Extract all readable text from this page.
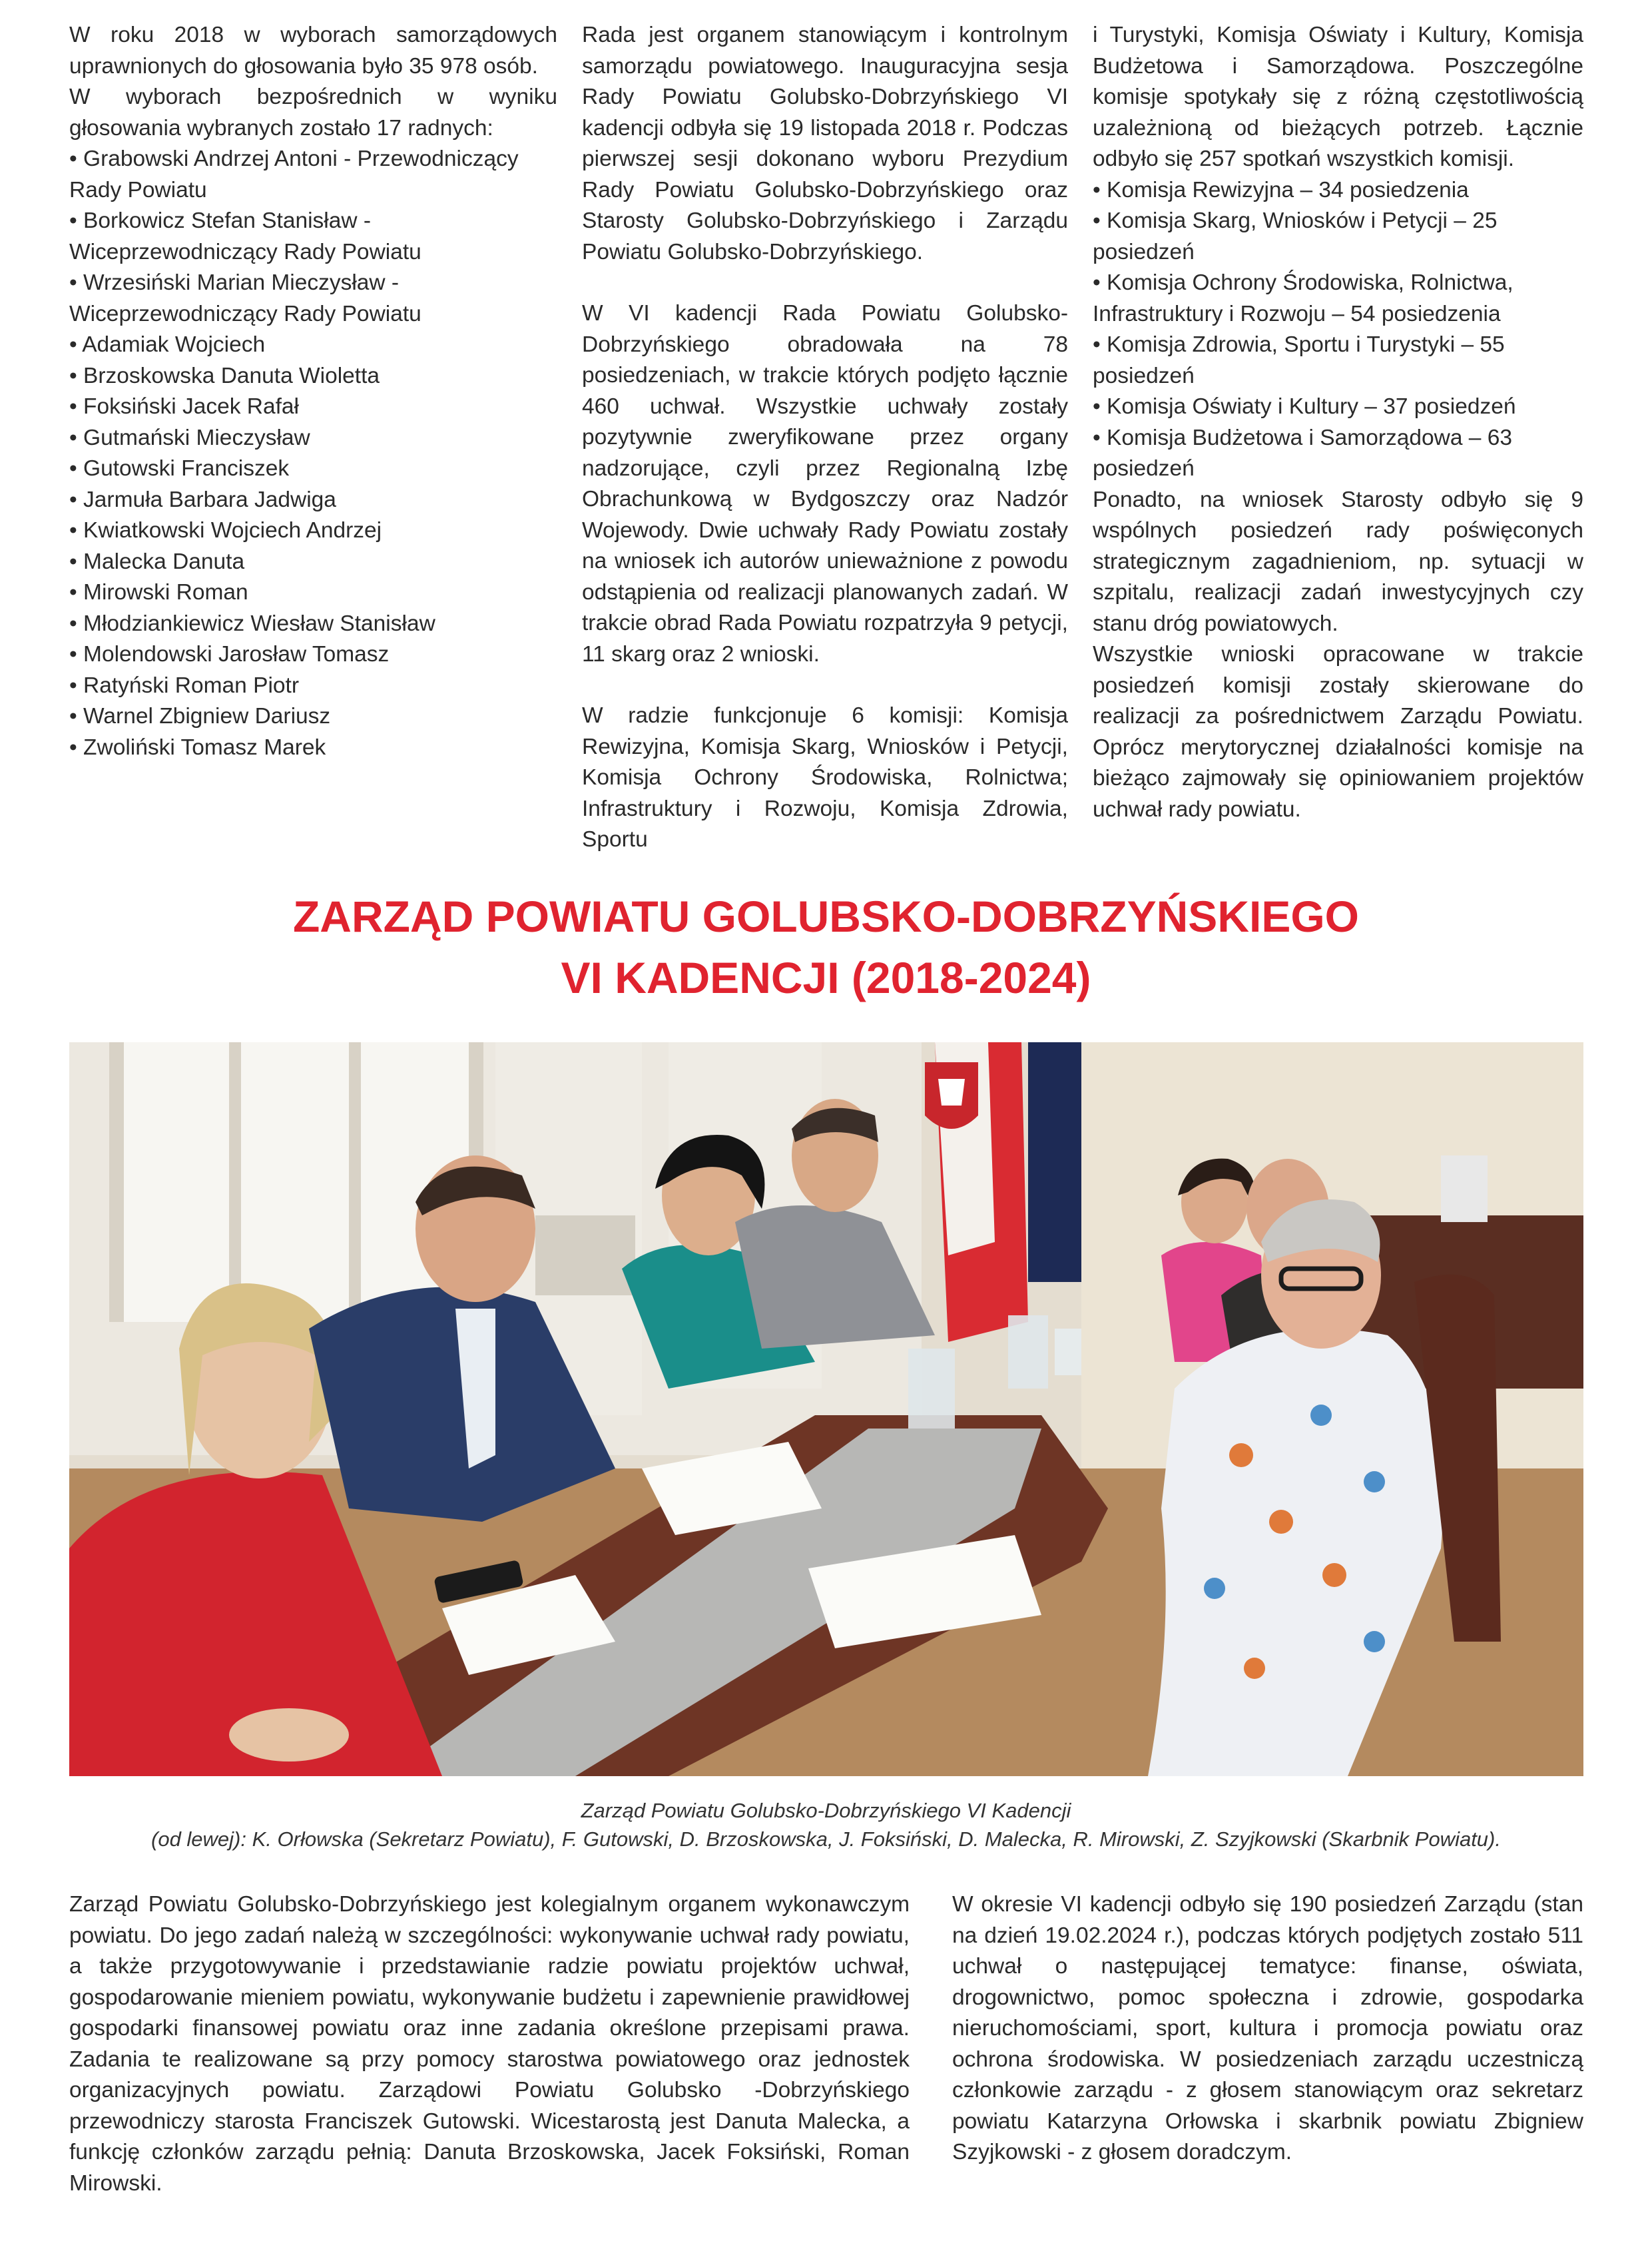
W roku 2018 w wyborach samorządowych uprawnionych do głosowania było 35 978 osób.

W wyborach bezpośrednich w wyniku głosowania wybranych zostało 17 radnych:

• Grabowski Andrzej Antoni - Przewodniczący Rady Powiatu
• Borkowicz Stefan Stanisław - Wiceprzewodniczący Rady Powiatu
• Wrzesiński Marian Mieczysław - Wiceprzewodniczący Rady Powiatu
• Adamiak Wojciech
• Brzoskowska Danuta Wioletta
• Foksiński Jacek Rafał
• Gutmański Mieczysław
• Gutowski Franciszek
• Jarmuła Barbara Jadwiga
• Kwiatkowski Wojciech Andrzej
• Malecka Danuta
• Mirowski Roman
• Młodziankiewicz Wiesław Stanisław
• Molendowski Jarosław Tomasz
• Ratyński Roman Piotr
• Warnel Zbigniew Dariusz
• Zwoliński Tomasz Marek

Rada jest organem stanowiącym i kontrolnym samorządu powiatowego. Inauguracyjna sesja Rady Powiatu Golubsko-Dobrzyńskiego VI kadencji odbyła się 19 listopada 2018 r. Podczas pierwszej sesji dokonano wyboru Prezydium Rady Powiatu Golubsko-Dobrzyńskiego oraz Starosty Golubsko-Dobrzyńskiego i Zarządu Powiatu Golubsko-Dobrzyńskiego.

W VI kadencji Rada Powiatu Golubsko-Dobrzyńskiego obradowała na 78 posiedzeniach, w trakcie których podjęto łącznie 460 uchwał. Wszystkie uchwały zostały pozytywnie zweryfikowane przez organy nadzorujące, czyli przez Regionalną Izbę Obrachunkową w Bydgoszczy oraz Nadzór Wojewody. Dwie uchwały Rady Powiatu zostały na wniosek ich autorów unieważnione z powodu odstąpienia od realizacji planowanych zadań. W trakcie obrad Rada Powiatu rozpatrzyła 9 petycji, 11 skarg oraz 2 wnioski.

W radzie funkcjonuje 6 komisji: Komisja Rewizyjna, Komisja Skarg, Wniosków i Petycji, Komisja Ochrony Środowiska, Rolnictwa; Infrastruktury i Rozwoju, Komisja Zdrowia, Sportu

i Turystyki, Komisja Oświaty i Kultury, Komisja Budżetowa i Samorządowa. Poszczególne komisje spotykały się z różną częstotliwością uzależnioną od bieżących potrzeb. Łącznie odbyło się 257 spotkań wszystkich komisji.

• Komisja Rewizyjna – 34 posiedzenia
• Komisja Skarg, Wniosków i Petycji – 25 posiedzeń
• Komisja Ochrony Środowiska, Rolnictwa, Infrastruktury i Rozwoju – 54 posiedzenia
• Komisja Zdrowia, Sportu i Turystyki – 55 posiedzeń
• Komisja Oświaty i Kultury – 37 posiedzeń
• Komisja Budżetowa i Samorządowa – 63 posiedzeń

Ponadto, na wniosek Starosty odbyło się 9 wspólnych posiedzeń rady poświęconych strategicznym zagadnieniom, np. sytuacji w szpitalu, realizacji zadań inwestycyjnych czy stanu dróg powiatowych.

Wszystkie wnioski opracowane w trakcie posiedzeń komisji zostały skierowane do realizacji za pośrednictwem Zarządu Powiatu. Oprócz merytorycznej działalności komisje na bieżąco zajmowały się opiniowaniem projektów uchwał rady powiatu.

ZARZĄD POWIATU GOLUBSKO-DOBRZYŃSKIEGO
VI KADENCJI (2018-2024)
Zarząd Powiatu Golubsko-Dobrzyńskiego VI Kadencji
(od lewej): K. Orłowska (Sekretarz Powiatu), F. Gutowski, D. Brzoskowska, J. Foksiński, D. Malecka, R. Mirowski, Z. Szyjkowski (Skarbnik Powiatu).

Zarząd Powiatu Golubsko-Dobrzyńskiego jest kolegialnym organem wykonawczym powiatu. Do jego zadań należą w szczególności: wykonywanie uchwał rady powiatu, a także przygotowywanie i przedstawianie radzie powiatu projektów uchwał, gospodarowanie mieniem powiatu, wykonywanie budżetu i zapewnienie prawidłowej gospodarki finansowej powiatu oraz inne zadania określone przepisami prawa. Zadania te realizowane są przy pomocy starostwa powiatowego oraz jednostek organizacyjnych powiatu. Zarządowi Powiatu Golubsko -Dobrzyńskiego przewodniczy starosta Franciszek Gutowski. Wicestarostą jest Danuta Malecka, a funkcję członków zarządu pełnią: Danuta Brzoskowska, Jacek Foksiński, Roman Mirowski.

W okresie VI kadencji odbyło się 190 posiedzeń Zarządu (stan na dzień 19.02.2024 r.), podczas których podjętych zostało 511 uchwał o następującej tematyce: finanse, oświata, drogownictwo, pomoc społeczna i zdrowie, gospodarka nieruchomościami, sport, kultura i promocja powiatu oraz ochrona środowiska. W posiedzeniach zarządu uczestniczą członkowie zarządu - z głosem stanowiącym oraz sekretarz powiatu Katarzyna Orłowska i skarbnik powiatu Zbigniew Szyjkowski - z głosem doradczym.
